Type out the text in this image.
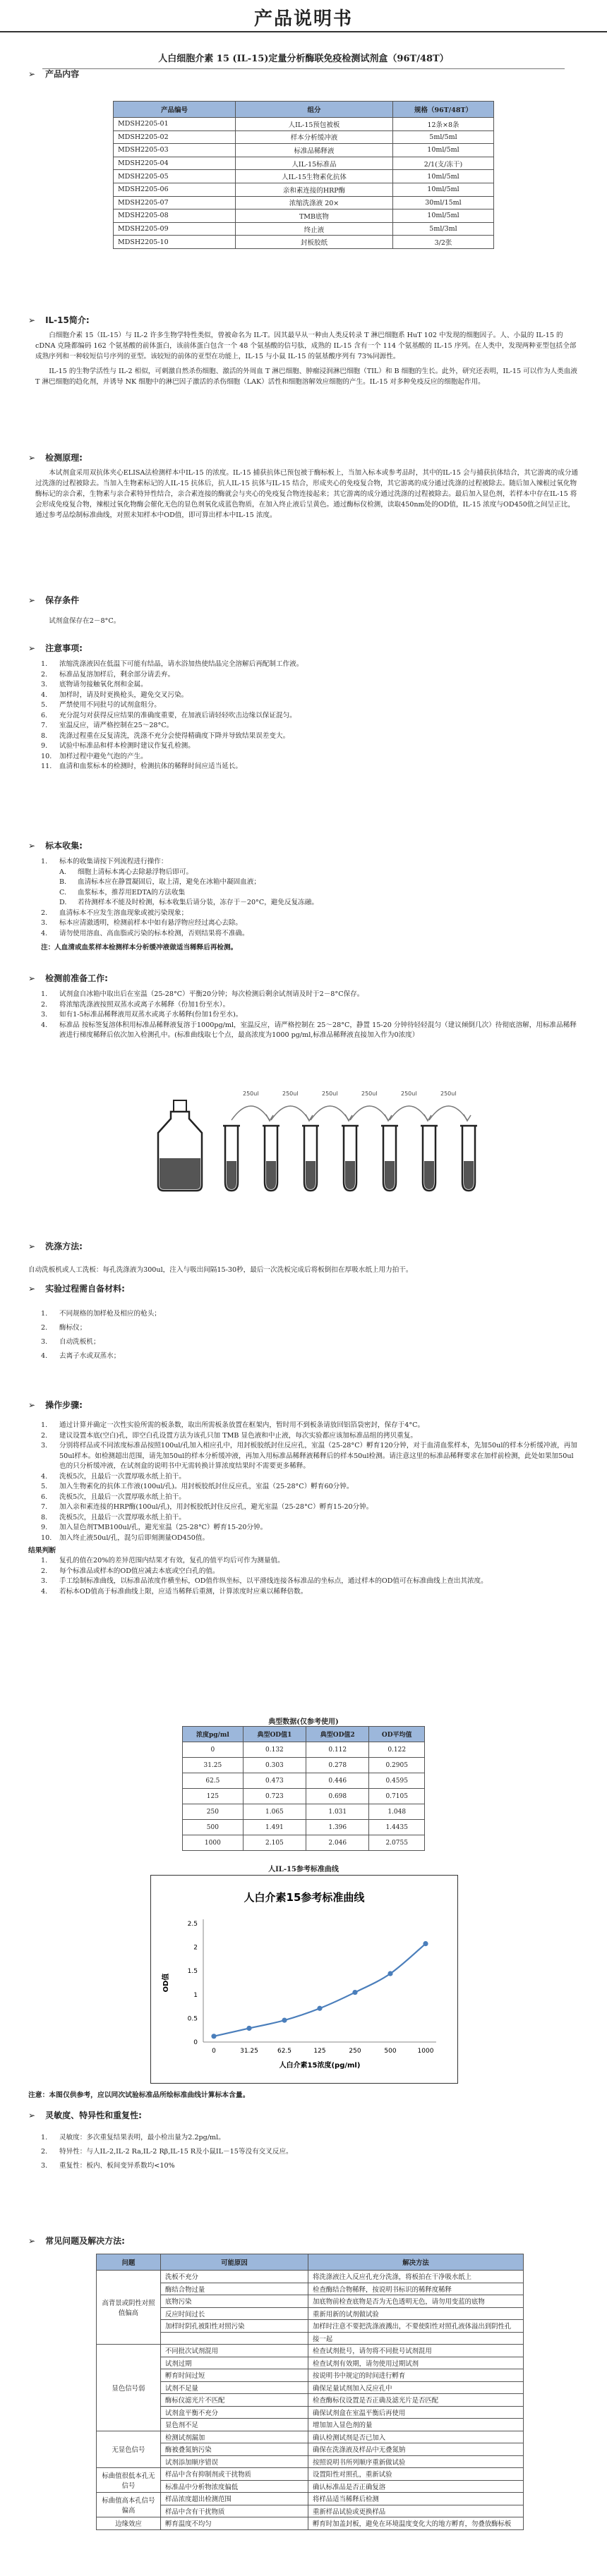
产品说明书
人白细胞介素 15 (IL-15)定量分析酶联免疫检测试剂盒（96T/48T）
➢ 产品内容
产品编号	组分	规格（96T/48T）
MDSH2205-01	人IL-15预包被板	12条×8条
MDSH2205-02	样本分析缓冲液	5ml/5ml
MDSH2205-03	标准品稀释液	10ml/5ml
MDSH2205-04	人IL-15标准品	2/1(支/冻干)
MDSH2205-05	人IL-15生物素化抗体	10ml/5ml
MDSH2205-06	亲和素连接的HRP酶	10ml/5ml
MDSH2205-07	浓缩洗涤液 20×	30ml/15ml
MDSH2205-08	TMB底物	10ml/5ml
MDSH2205-09	终止液	5ml/3ml
MDSH2205-10	封板胶纸	3/2张
➢ IL-15简介:
白细胞介素 15（IL-15）与 IL-2 许多生物学特性类似，曾被命名为 IL-T。因其最早从一种由人类反转录 T 淋巴细胞系 HuT 102 中发现的细胞因子。人、小鼠的 IL-15 的 cDNA 克隆都编码 162 个氨基酸的前体蛋白，该前体蛋白包含一个 48 个氨基酸的信号肽，成熟的 IL-15 含有一个 114 个氨基酸的 IL-15 序列。在人类中，发现两种亚型包括全部成熟序列和一种较短信号序列的亚型。该较短的前体的亚型在功能上，IL-15 与小鼠 IL-15 的氨基酸序列有 73%同源性。
IL-15 的生物学活性与 IL-2 相似，可刺激自然杀伤细胞、激活的外周血 T 淋巴细胞、肿瘤浸润淋巴细胞（TIL）和 B 细胞的生长。此外，研究还表明，IL-15 可以作为人类血液 T 淋巴细胞的趋化剂，并诱导 NK 细胞中的淋巴因子激活的杀伤细胞（LAK）活性和细胞溶解效应细胞的产生。IL-15 对多种免疫反应的细胞起作用。
➢ 检测原理:
本试剂盒采用双抗体夹心ELISA法检测样本中IL-15 的浓度。IL-15 捕获抗体已预包被于酶标板上，当加入标本或参考品时，其中的IL-15 会与捕获抗体结合，其它游离的成分通过洗涤的过程被除去。当加入生物素标记的人IL-15 抗体后，抗人IL-15 抗体与IL-15 结合，形成夹心的免疫复合物，其它游离的成分通过洗涤的过程被除去。随后加入辣根过氧化物酶标记的亲合素，生物素与亲合素特异性结合，亲合素连接的酶就会与夹心的免疫复合物连接起来；其它游离的成分通过洗涤的过程被除去。最后加入显色剂，若样本中存在IL-15 将会形成免疫复合物，辣根过氧化物酶会催化无色的显色剂氧化成蓝色物质，在加入终止液后呈黄色。通过酶标仪检测，读取450nm处的OD值，IL-15 浓度与OD450值之间呈正比，通过参考品绘制标准曲线，对照未知样本中OD值，即可算出样本中IL-15 浓度。
➢ 保存条件
试剂盒保存在2－8°C。
➢ 注意事项:
1.	浓缩洗涤液因在低温下可能有结晶，请水浴加热使结晶完全溶解后再配制工作液。
2.	标准品复溶加样后，剩余部分请丢弃。
3.	底物请勿接触氧化剂和金属。
4.	加样时，请及时更换枪头，避免交叉污染。
5.	严禁使用不同批号的试剂盒组分。
6.	充分混匀对获得反应结果的准确度重要，在加液后请轻轻吹击边缘以保证混匀。
7.	室温反应，请严格控制在25～28°C。
8.	洗涤过程重在反复清洗，洗涤不充分会使得精确度下降并导致结果误差变大。
9.	试验中标准品和样本检测时建议作复孔检测。
10.	加样过程中避免气泡的产生。
11.	血清和血浆标本的检测时，检测抗体的稀释时间应适当延长。
➢ 标本收集:
1.	标本的收集请按下列流程进行操作：
A.	细胞上清标本离心去除悬浮物后即可。
B.	血清标本应在静置凝固后，取上清，避免在冰箱中凝固血液；
C.	血浆标本，推荐用EDTA的方法收集
D.	若待测样本不能及时检测，标本收集后请分装，冻存于－20°C，避免反复冻融。
2.	血清标本不应发生溶血现象或被污染现象；
3.	标本应清澈透明，检测前样本中如有悬浮物应经过离心去除。
4.	请勿使用溶血、高血脂或污染的标本检测，否则结果将不准确。
注：人血清或血浆样本检测样本分析缓冲液做适当稀释后再检测。
➢ 检测前准备工作:
1.	试剂盒自冰箱中取出后在室温（25-28°C）平衡20分钟；每次检测后剩余试剂请及时于2－8°C保存。
2.	将浓缩洗涤液按照双蒸水或离子水稀释（份加1份至水）。
3.	如有1-5标准品稀释液用双蒸水或离子水稀释(份加1份至水)。
4.	标准品 按标签复溶体积用标准品稀释液复溶于1000pg/ml，室温反应，请严格控制在 25～28°C，静置 15-20 分钟待轻轻混匀（建议倾倒几次）待彻底溶解，用标准品稀释液进行梯度稀释后依次加入检测孔中。(标准曲线取七个点，最高浓度为1000 pg/ml,标准品稀释液直接加入作为0浓度）
250ul	250ul	250ul	250ul	250ul	250ul
➢ 洗涤方法:
自动洗板机或人工洗板：每孔洗涤液为300ul，注入与吸出间隔15-30秒，最后一次洗板完成后将板倒扣在厚吸水纸上用力拍干。
➢ 实验过程需自备材料:
1.	不同规格的加样枪及相应的枪头；
2.	酶标仪；
3.	自动洗板机；
4.	去离子水或双蒸水；
➢ 操作步骤:
1.	通过计算并确定一次性实验所需的板条数，取出所需板条放置在框架内，暂时用不到板条请放回铝箔袋密封，保存于4°C。
2.	建议设置本底(空白)孔，即空白孔设置方法为该孔只加 TMB 显色液和中止液，每次实验都应该加标准品组的拷贝重复。
3.	分别将样品或不同浓度标准品按照100ul/孔加入相应孔中，用封板胶纸封住反应孔，室温（25-28°C）孵育120分钟，对于血清血浆样本，先加50ul的样本分析缓冲液，再加50ul样本。如检测超出范围，请先加50ul的样本分析缓冲液，再加入用标准品稀释液稀释后的样本50ul检测。请注意这里的标准品稀释要求在加样前检测，此处如果加50ul也的只分析缓冲液，在试剂盒的说明书中无需转换计算浓度结果时不需要更多稀释。
4.	洗板5次，且最后一次置厚吸水纸上拍干。
5.	加入生物素化的抗体工作液(100ul/孔)。用封板胶纸封住反应孔，室温（25-28°C）孵育60分钟。
6.	洗板5次，且最后一次置厚吸水纸上拍干。
7.	加入亲和素连接的HRP酶(100ul/孔)，用封板胶纸封住反应孔，避光室温（25-28°C）孵育15-20分钟。
8.	洗板5次，且最后一次置厚吸水纸上拍干。
9.	加入显色剂TMB100ul/孔，避光室温（25-28°C）孵育15-20分钟。
10.	加入终止液50ul/孔，混匀后即刻测量OD450值。
结果判断
1.	复孔的值在20%的差异范围内结果才有效，复孔的值平均后可作为测量值。
2.	每个标准品或样本的OD值应减去本底或空白孔的值。
3.	手工绘制标准曲线，以标准品浓度作横坐标，OD值作纵坐标，以平滑线连接各标准品的坐标点，通过样本的OD值可在标准曲线上查出其浓度。
4.	若标本OD值高于标准曲线上限，应适当稀释后重测，计算浓度时应乘以稀释倍数。
典型数据(仅参考使用)
浓度pg/ml	典型OD值1	典型OD值2	OD平均值
0	0.132	0.112	0.122
31.25	0.303	0.278	0.2905
62.5	0.473	0.446	0.4595
125	0.723	0.698	0.7105
250	1.065	1.031	1.048
500	1.491	1.396	1.4435
1000	2.105	2.046	2.0755
人IL-15参考标准曲线
人白介素15参考标准曲线
0
0.5
1
1.5
2
2.5
0	31.25	62.5	125	250	500	1000
OD值
人白介素15浓度(pg/ml)
注意：本图仅供参考，应以同次试验标准品所绘标准曲线计算标本含量。
➢ 灵敏度、特异性和重复性:
1.	灵敏度：多次重复结果表明，最小检出量为2.2pg/ml。
2.	特异性：与人IL-2,IL-2 Ra,IL-2 Rβ,IL-15 R及小鼠IL－15等没有交叉反应。
3.	重复性：板内、板间变异系数均<10%
➢ 常见问题及解决方法:
问题	可能原因	解决方法
高背景或阴性对照值偏高	洗板不充分	将洗涤液注入反应孔充分洗涤，将板拍在干净吸水纸上
	酶结合物过量	检查酶结合物稀释，按说明书标识的稀释度稀释
	底物污染	加底物前检查底物是否为无色透明无色，请勿用变蓝的底物
	反应时间过长	重新用新的试剂做试验
	加样时阴孔被阳性对照污染	加样时注意不要把洗涤液溅出，不要使阳性对照孔液体溢出到阴性孔
		接一起
显色信号弱	不同批次试剂混用	检查试剂批号，请勿将不同批号试剂混用
	试剂过期	检查试剂有效期，请勿使用过期试剂
	孵育时间过短	按说明书中规定的时间进行孵育
	试剂不足量	确保足量试剂加入反应孔中
	酶标仪滤光片不匹配	检查酶标仪设置是否正确及滤光片是否匹配
	试剂盒平衡不充分	确保试剂盒在室温平衡后再使用
	显色剂不足	增加加入显色剂的量
无显色信号	检测试剂漏加	确认检测试剂是否已加入
	酶被叠氮钠污染	确保在洗涤液及样品中无叠氮钠
	试剂添加顺序错误	按照说明书所列顺序重新做试验
标曲值很低本孔无信号	样品中含有抑制剂或干扰物质	设置阳性对照孔，重新试验
	标准品中分析物浓度偏低	确认标准品是否正确复溶
标曲值高本孔信号偏高	样品浓度超出检测范围	将样品适当稀释后检测
	样品中含有干扰物质	重新样品试验或更换样品
边缘效应	孵育温度不均匀	孵育时加盖封板，避免在环境温度变化大的地方孵育，勿叠放酶标板
